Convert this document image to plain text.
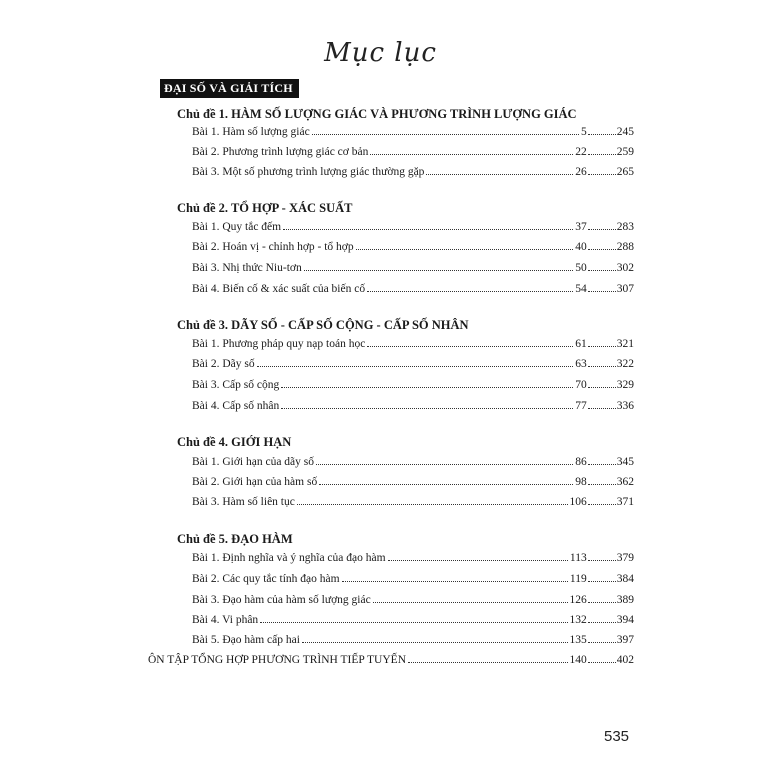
Mục lục
ĐẠI SỐ VÀ GIẢI TÍCH
Chủ đề 1. HÀM SỐ LƯỢNG GIÁC VÀ PHƯƠNG TRÌNH LƯỢNG GIÁC
Bài 1. Hàm số lượng giác	5	245
Bài 2. Phương trình lượng giác cơ bản	22	259
Bài 3. Một số phương trình lượng giác thường gặp	26	265
Chủ đề 2. TỔ HỢP - XÁC SUẤT
Bài 1. Quy tắc đếm	37	283
Bài 2. Hoán vị - chỉnh hợp - tổ hợp	40	288
Bài 3. Nhị thức Niu-tơn	50	302
Bài 4. Biến cố & xác suất của biến cố	54	307
Chủ đề 3. DÃY SỐ - CẤP SỐ CỘNG - CẤP SỐ NHÂN
Bài 1. Phương pháp quy nạp toán học	61	321
Bài 2. Dãy số	63	322
Bài 3. Cấp số cộng	70	329
Bài 4. Cấp số nhân	77	336
Chủ đề 4. GIỚI HẠN
Bài 1. Giới hạn của dãy số	86	345
Bài 2. Giới hạn của hàm số	98	362
Bài 3. Hàm số liên tục	106	371
Chủ đề 5. ĐẠO HÀM
Bài 1. Định nghĩa và ý nghĩa của đạo hàm	113	379
Bài 2. Các quy tắc tính đạo hàm	119	384
Bài 3. Đạo hàm của hàm số lượng giác	126	389
Bài 4. Vi phân	132	394
Bài 5. Đạo hàm cấp hai	135	397
ÔN TẬP TỔNG HỢP PHƯƠNG TRÌNH TIẾP TUYẾN	140	402
535
